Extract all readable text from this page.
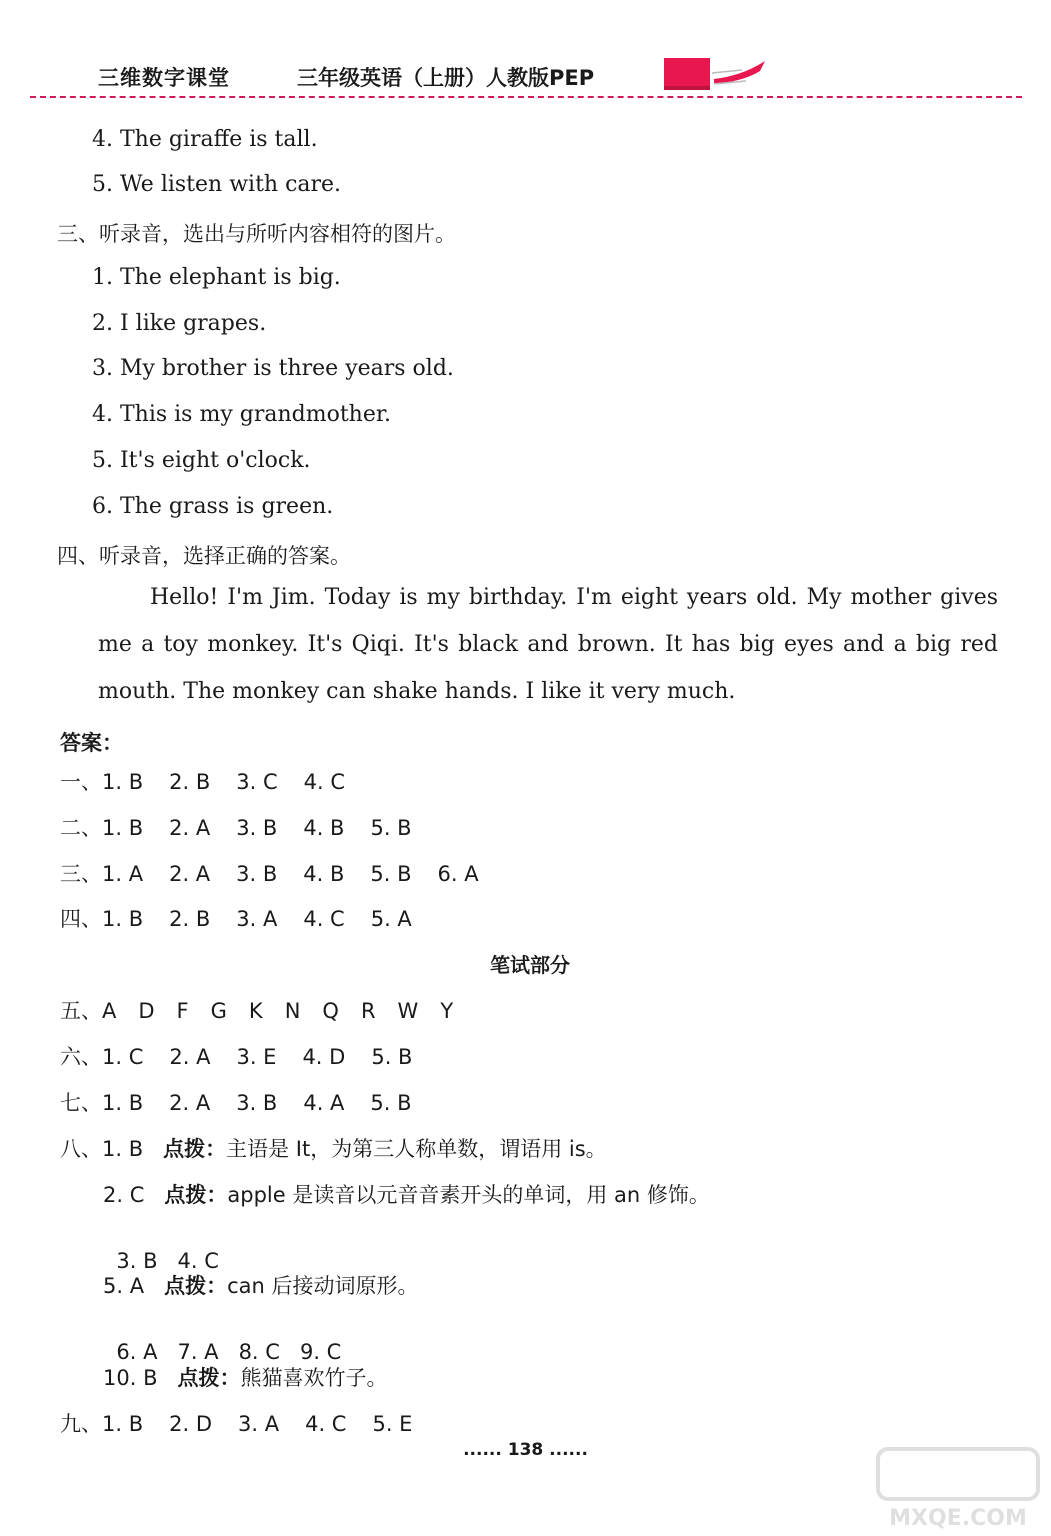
三维数字课堂	三年级英语（上册）人教版PEP
4. The giraffe is tall.
5. We listen with care.
三、听录音，选出与所听内容相符的图片。
1. The elephant is big.
2. I like grapes.
3. My brother is three years old.
4. This is my grandmother.
5. It's eight o'clock.
6. The grass is green.
四、听录音，选择正确的答案。
Hello! I'm Jim. Today is my birthday. I'm eight years old. My mother gives me a toy monkey. It's Qiqi. It's black and brown. It has big eyes and a big red mouth. The monkey can shake hands. I like it very much.
答案：
一、1. B 2. B 3. C 4. C
二、1. B 2. A 3. B 4. B 5. B
三、1. A 2. A 3. B 4. B 5. B 6. A
四、1. B 2. B 3. A 4. C 5. A
笔试部分
五、A D F G K N Q R W Y
六、1. C 2. A 3. E 4. D 5. B
七、1. B 2. A 3. B 4. A 5. B
八、1. B 点拨：主语是 It，为第三人称单数，谓语用 is。
2. C 点拨：apple 是读音以元音音素开头的单词，用 an 修饰。

3. B   4. C

5. A 点拨：can 后接动词原形。

6. A   7. A   8. C   9. C

10. B 点拨：熊猫喜欢竹子。
九、1. B 2. D 3. A 4. C 5. E
...... 138 ......
MXQE.COM
